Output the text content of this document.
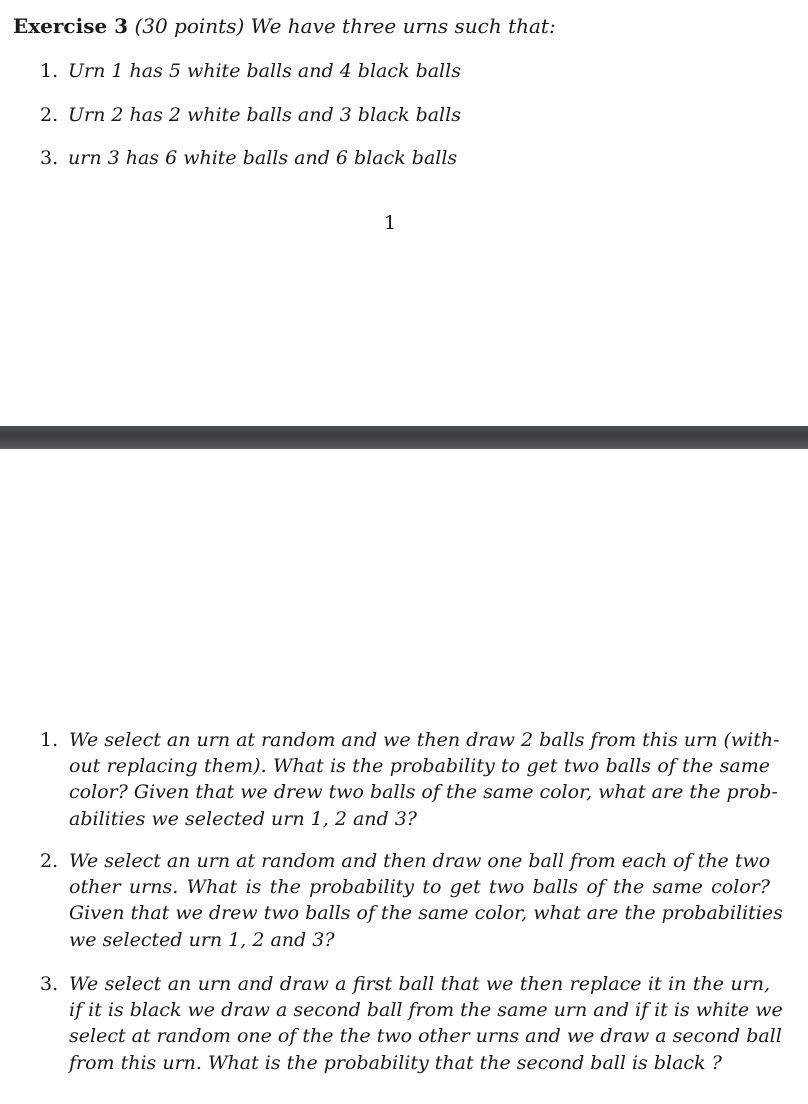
Exercise 3 (30 points) We have three urns such that:
1. Urn 1 has 5 white balls and 4 black balls
2. Urn 2 has 2 white balls and 3 black balls
3. urn 3 has 6 white balls and 6 black balls
1
1. We select an urn at random and we then draw 2 balls from this urn (with-
out replacing them). What is the probability to get two balls of the same
color? Given that we drew two balls of the same color, what are the prob-
abilities we selected urn 1, 2 and 3?
2. We select an urn at random and then draw one ball from each of the two
other urns. What is the probability to get two balls of the same color?
Given that we drew two balls of the same color, what are the probabilities
we selected urn 1, 2 and 3?
3. We select an urn and draw a first ball that we then replace it in the urn,
if it is black we draw a second ball from the same urn and if it is white we
select at random one of the the two other urns and we draw a second ball
from this urn. What is the probability that the second ball is black ?
